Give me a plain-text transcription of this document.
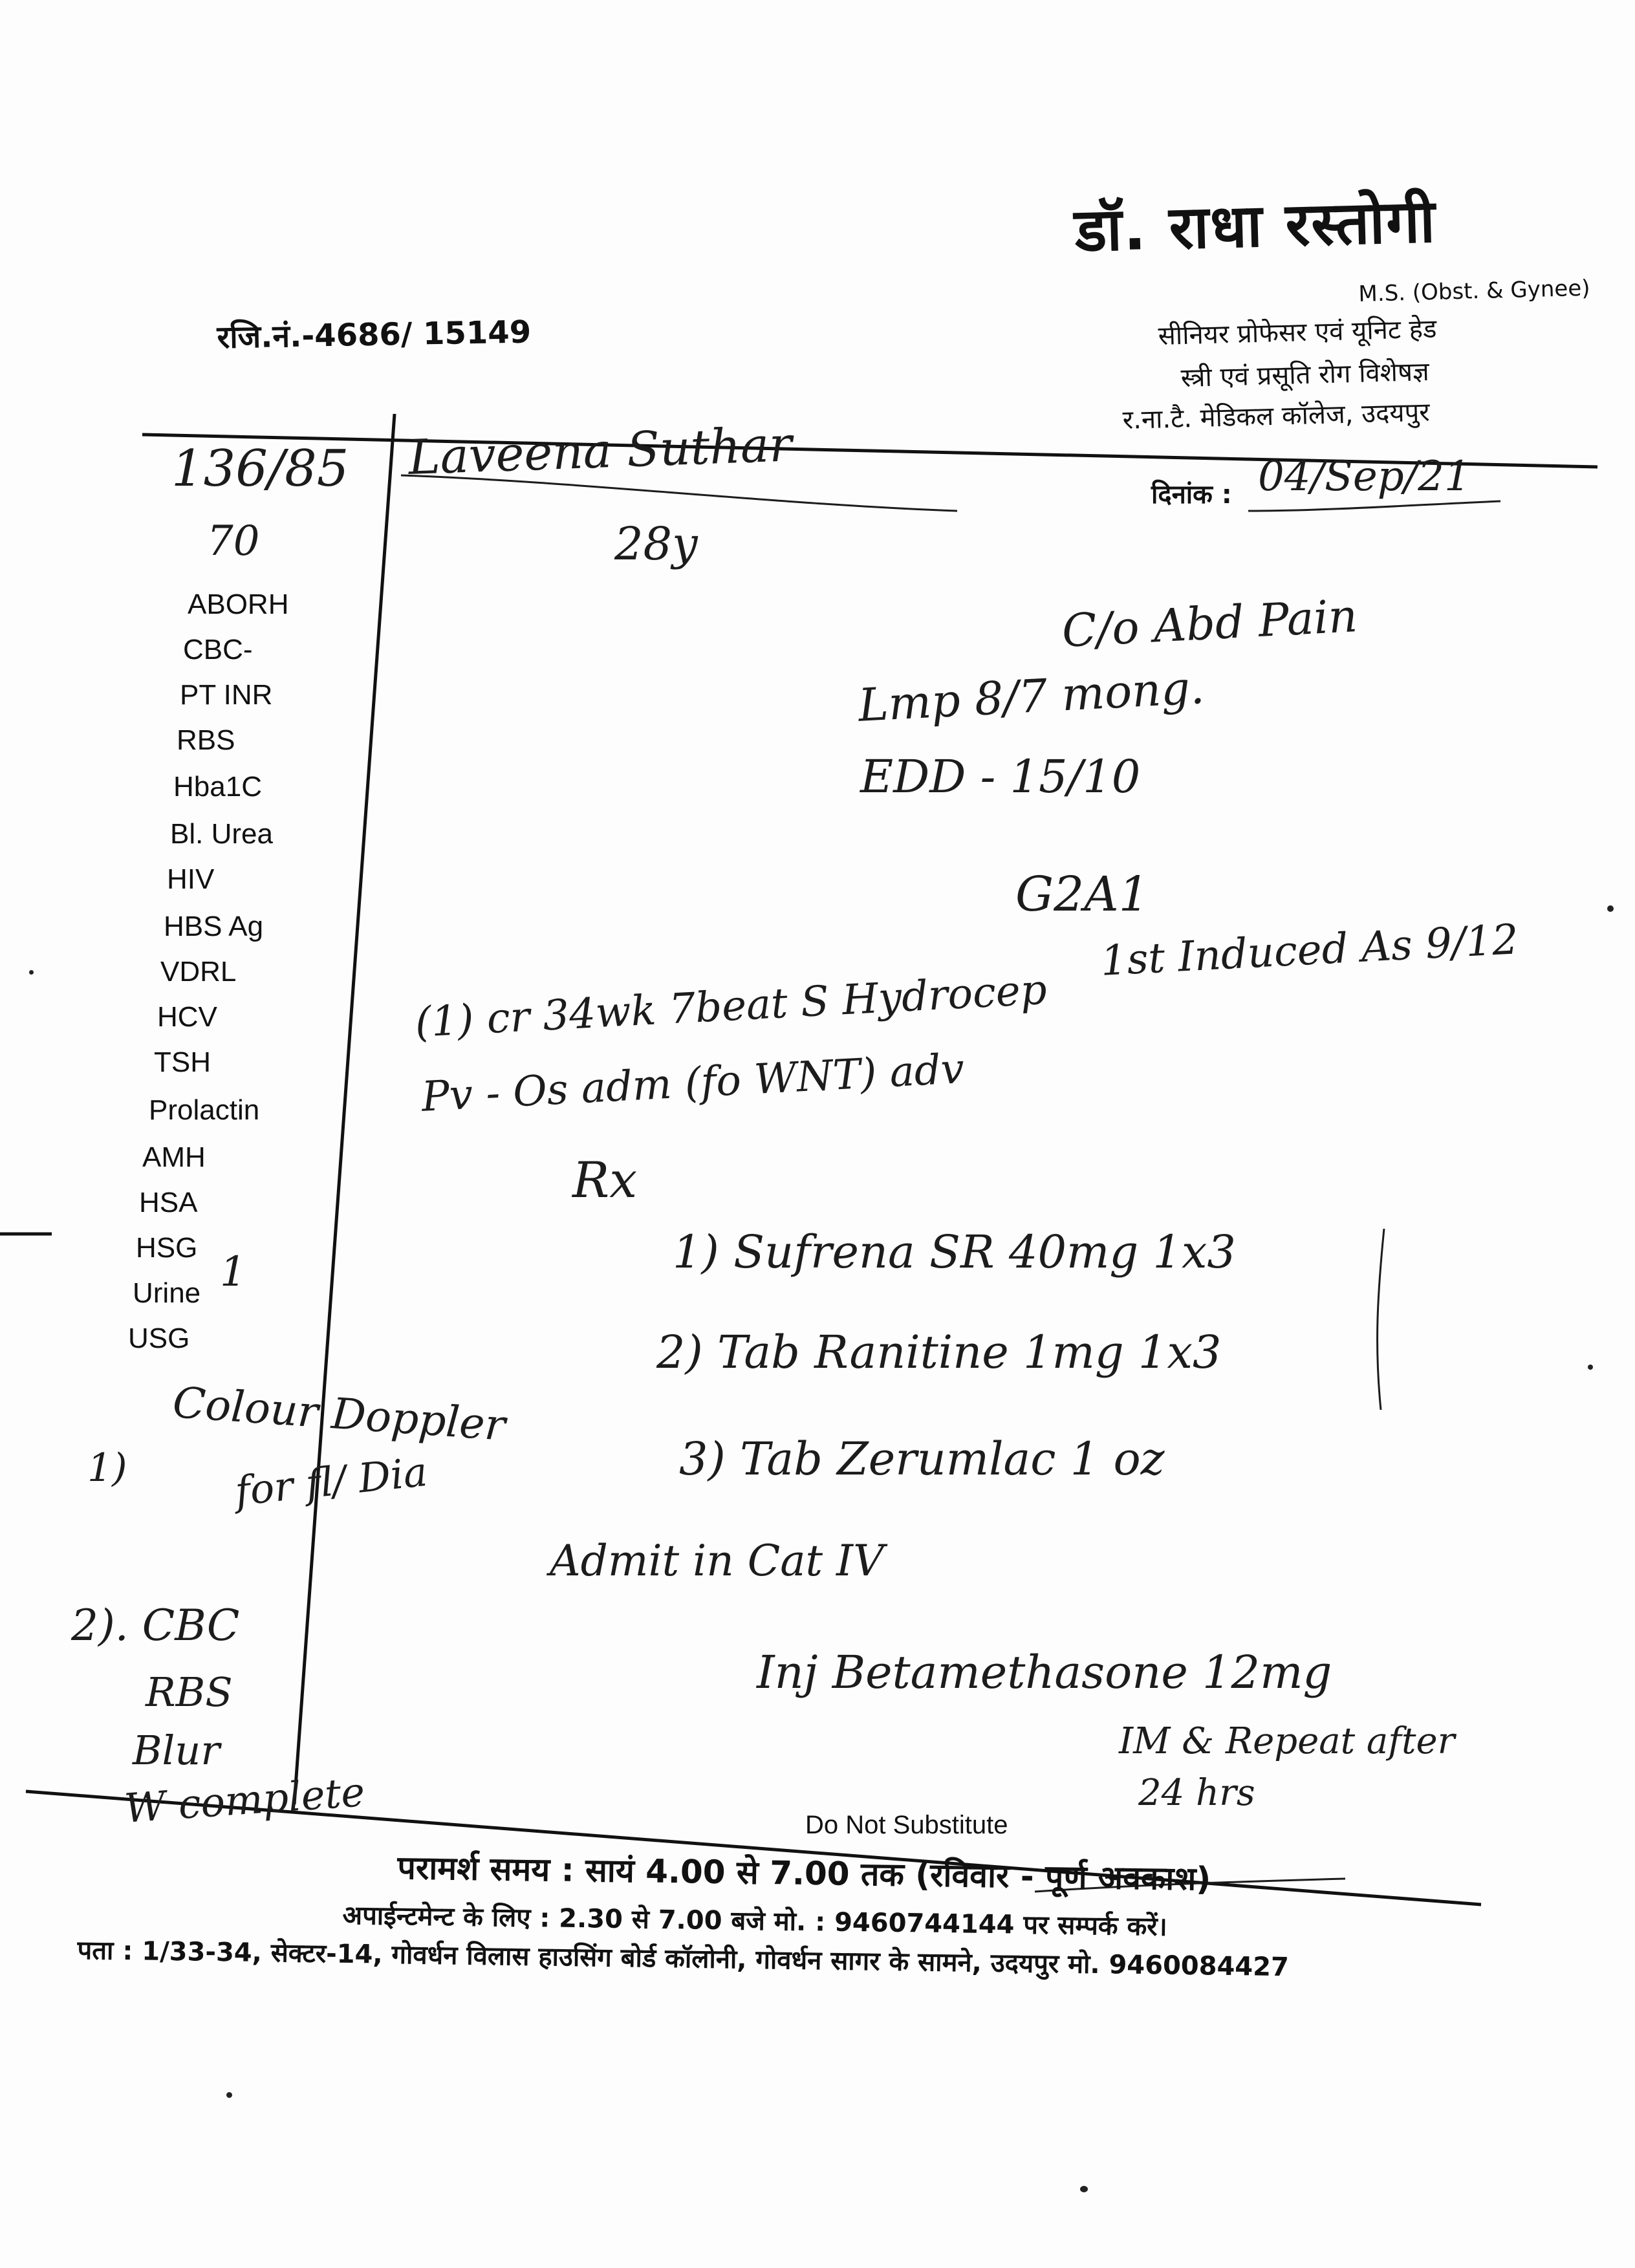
डॉ. राधा रस्तोगी
M.S. (Obst. & Gynee)
सीनियर प्रोफेसर एवं यूनिट हेड
स्त्री एवं प्रसूति रोग विशेषज्ञ
र.ना.टै. मेडिकल कॉलेज, उदयपुर
रजि.नं.-4686/ 15149
दिनांक :
ABORH
CBC-
PT INR
RBS
Hba1C
Bl. Urea
HIV
HBS Ag
VDRL
HCV
TSH
Prolactin
AMH
HSA
HSG
Urine
USG
136/85
70
1
Colour Doppler
1)	for fl/ Dia
2). CBC
RBS
Blur
W complete
Laveena Suthar
28y
04/Sep/21
C/o Abd Pain
Lmp 8/7 mong.
EDD - 15/10
G2A1
1st Induced As 9/12
(1) cr 34wk 7beat S Hydrocep
Pv - Os adm (fo WNT) adv
Rx
1) Sufrena SR 40mg 1x3
2) Tab Ranitine 1mg 1x3
3) Tab Zerumlac 1 oz
Admit in Cat IV
Inj Betamethasone 12mg
IM & Repeat after
24 hrs
Do Not Substitute
परामर्श समय : सायं 4.00 से 7.00 तक (रविवार - पूर्ण अवकाश)
अपाईन्टमेन्ट के लिए : 2.30 से 7.00 बजे मो. : 9460744144 पर सम्पर्क करें।
पता : 1/33-34, सेक्टर-14, गोवर्धन विलास हाउसिंग बोर्ड कॉलोनी, गोवर्धन सागर के सामने, उदयपुर मो. 9460084427
